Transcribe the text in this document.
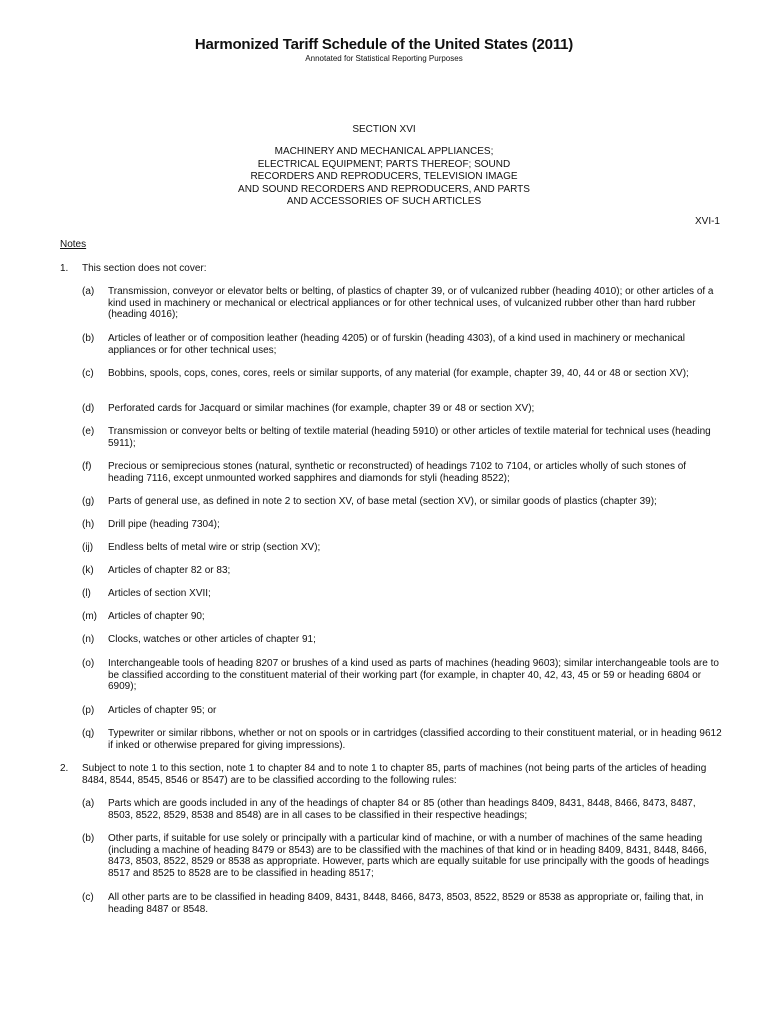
Harmonized Tariff Schedule of the United States (2011)
Annotated for Statistical Reporting Purposes
SECTION XVI
MACHINERY AND MECHANICAL APPLIANCES;
ELECTRICAL EQUIPMENT; PARTS THEREOF; SOUND
RECORDERS AND REPRODUCERS, TELEVISION IMAGE
AND SOUND RECORDERS AND REPRODUCERS, AND PARTS
AND ACCESSORIES OF SUCH ARTICLES
XVI-1
Notes
1. This section does not cover:
(a) Transmission, conveyor or elevator belts or belting, of plastics of chapter 39, or of vulcanized rubber (heading 4010); or other articles of a kind used in machinery or mechanical or electrical appliances or for other technical uses, of vulcanized rubber other than hard rubber (heading 4016);
(b) Articles of leather or of composition leather (heading 4205) or of furskin (heading 4303), of a kind used in machinery or mechanical appliances or for other technical uses;
(c) Bobbins, spools, cops, cones, cores, reels or similar supports, of any material (for example, chapter 39, 40, 44 or 48 or section XV);
(d) Perforated cards for Jacquard or similar machines (for example, chapter 39 or 48 or section XV);
(e) Transmission or conveyor belts or belting of textile material (heading 5910) or other articles of textile material for technical uses (heading 5911);
(f) Precious or semiprecious stones (natural, synthetic or reconstructed) of headings 7102 to 7104, or articles wholly of such stones of heading 7116, except unmounted worked sapphires and diamonds for styli (heading 8522);
(g) Parts of general use, as defined in note 2 to section XV, of base metal (section XV), or similar goods of plastics (chapter 39);
(h) Drill pipe (heading 7304);
(ij) Endless belts of metal wire or strip (section XV);
(k) Articles of chapter 82 or 83;
(l) Articles of section XVII;
(m) Articles of chapter 90;
(n) Clocks, watches or other articles of chapter 91;
(o) Interchangeable tools of heading 8207 or brushes of a kind used as parts of machines (heading 9603); similar interchangeable tools are to be classified according to the constituent material of their working part (for example, in chapter 40, 42, 43, 45 or 59 or heading 6804 or 6909);
(p) Articles of chapter 95; or
(q) Typewriter or similar ribbons, whether or not on spools or in cartridges (classified according to their constituent material, or in heading 9612 if inked or otherwise prepared for giving impressions).
2. Subject to note 1 to this section, note 1 to chapter 84 and to note 1 to chapter 85, parts of machines (not being parts of the articles of heading 8484, 8544, 8545, 8546 or 8547) are to be classified according to the following rules:
(a) Parts which are goods included in any of the headings of chapter 84 or 85 (other than headings 8409, 8431, 8448, 8466, 8473, 8487, 8503, 8522, 8529, 8538 and 8548) are in all cases to be classified in their respective headings;
(b) Other parts, if suitable for use solely or principally with a particular kind of machine, or with a number of machines of the same heading (including a machine of heading 8479 or 8543) are to be classified with the machines of that kind or in heading 8409, 8431, 8448, 8466, 8473, 8503, 8522, 8529 or 8538 as appropriate. However, parts which are equally suitable for use principally with the goods of headings 8517 and 8525 to 8528 are to be classified in heading 8517;
(c) All other parts are to be classified in heading 8409, 8431, 8448, 8466, 8473, 8503, 8522, 8529 or 8538 as appropriate or, failing that, in heading 8487 or 8548.
